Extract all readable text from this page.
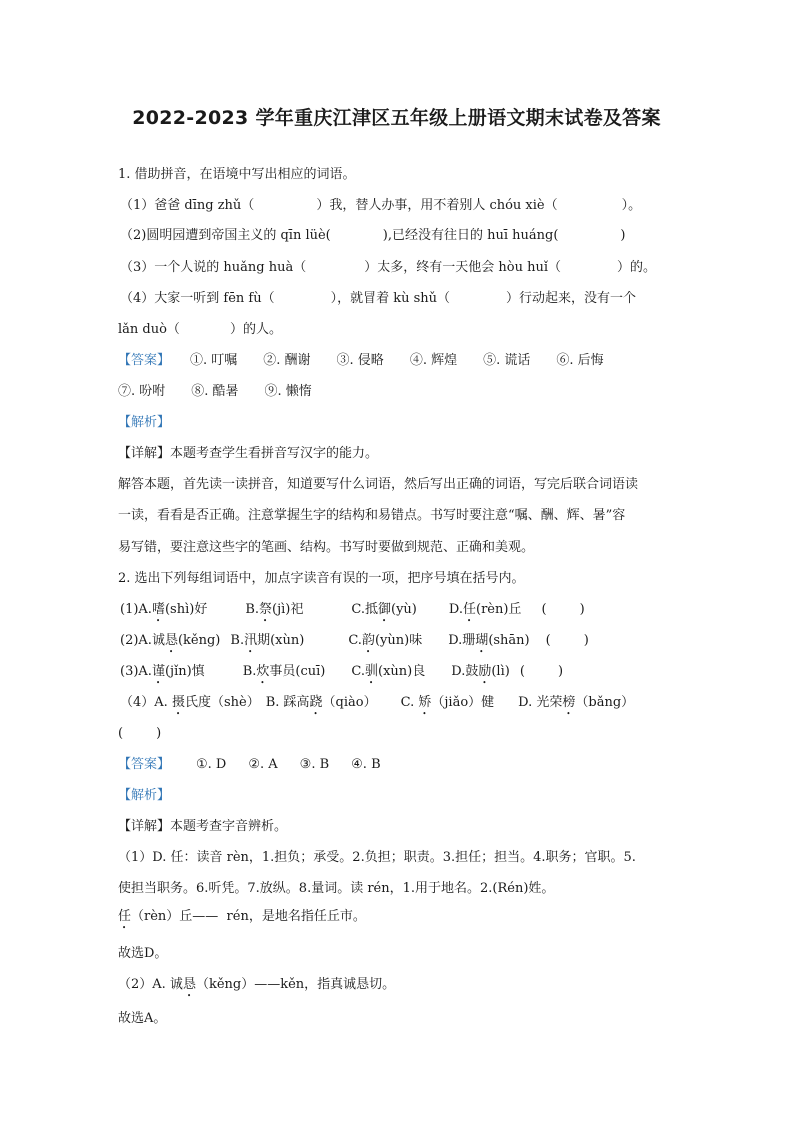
2022-2023 学年重庆江津区五年级上册语文期末试卷及答案
1. 借助拼音，在语境中写出相应的词语。
（1）爸爸 dīng zhǔ（	）我，替人办事，用不着别人 chóu xiè（	）。
（2)圆明园遭到帝国主义的 qīn lüè(	),已经没有往日的 huī huáng(	)
（3）一个人说的 huǎng huà（	）太多，终有一天他会 hòu huǐ（	）的。
（4）大家一听到 fēn fù（	），就冒着 kù shǔ（	）行动起来，没有一个
lǎn duò（	）的人。
【答案】 ①. 叮嘱 ②. 酬谢 ③. 侵略 ④. 辉煌 ⑤. 谎话 ⑥. 后悔
⑦. 吩咐 ⑧. 酷暑 ⑨. 懒惰
【解析】
【详解】本题考查学生看拼音写汉字的能力。
解答本题，首先读一读拼音，知道要写什么词语，然后写出正确的词语，写完后联合词语读
一读，看看是否正确。注意掌握生字的结构和易错点。书写时要注意“嘱、酬、辉、暑”容
易写错，要注意这些字的笔画、结构。书写时要做到规范、正确和美观。
2. 选出下列每组词语中，加点字读音有误的一项，把序号填在括号内。
(1)A.嗜(shì)好	B.祭(jì)祀	C.抵御(yù) D.任(rèn)丘 (        )
(2)A.诚恳(kěng) B.汛期(xùn)	C.韵(yùn)味 D.珊瑚(shān) (        )
(3)A.谨(jǐn)慎	B.炊事员(cuī) C.驯(xùn)良 D.鼓励(lì) (        )
（4）A. 摄氏度（shè） B. 踩高跷（qiào） C. 矫（jiǎo）健 D. 光荣榜（bǎng）
(        )
【答案】 ①. D ②. A ③. B ④. B
【解析】
【详解】本题考查字音辨析。
（1）D. 任：读音 rèn，1.担负；承受。2.负担；职责。3.担任；担当。4.职务；官职。5.
使担当职务。6.听凭。7.放纵。8.量词。读 rén，1.用于地名。2.(Rén)姓。
任（rèn）丘——  rén，是地名指任丘市。
故选D。
（2）A. 诚恳（kěng）——kěn，指真诚恳切。
故选A。
